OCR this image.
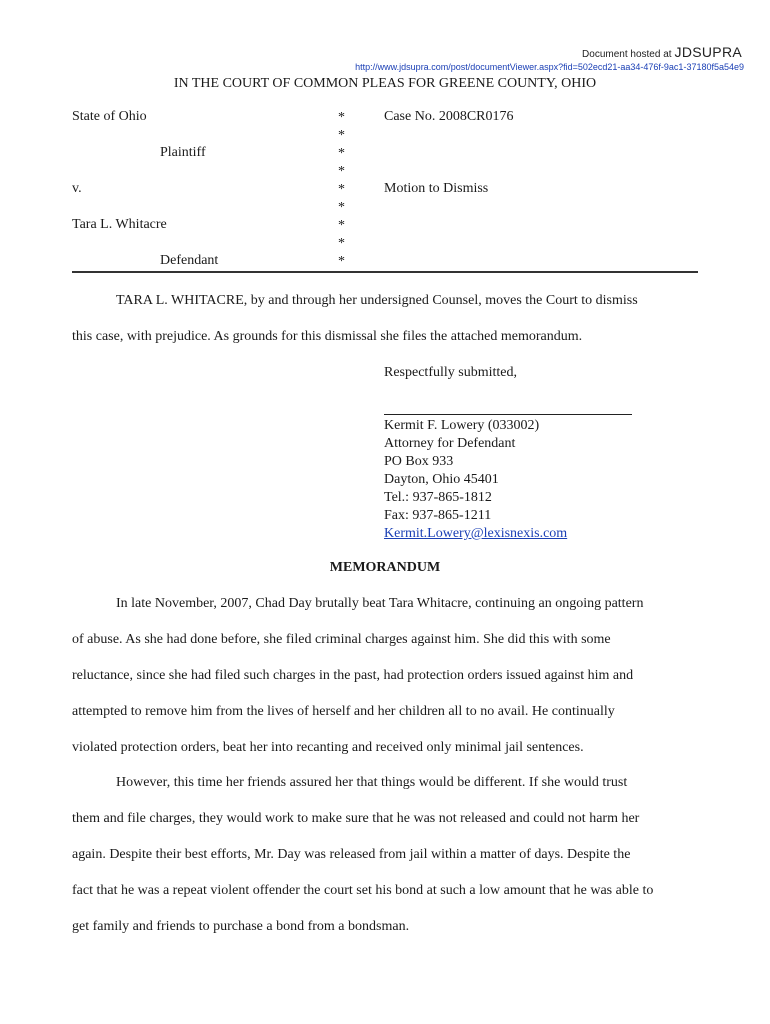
Document hosted at JDSUPRA
http://www.jdsupra.com/post/documentViewer.aspx?fid=502ecd21-aa34-476f-9ac1-37180f5a54e9
IN THE COURT OF COMMON PLEAS FOR GREENE COUNTY, OHIO
State of Ohio
Plaintiff
v.
Tara L. Whitacre
Defendant
*
*
*
*
*
*
*
*
*
Case No. 2008CR0176
Motion to Dismiss
TARA L. WHITACRE, by and through her undersigned Counsel, moves the Court to dismiss
this case, with prejudice. As grounds for this dismissal she files the attached memorandum.
Respectfully submitted,
Kermit F. Lowery (033002)
Attorney for Defendant
PO Box 933
Dayton, Ohio 45401
Tel.: 937-865-1812
Fax: 937-865-1211
Kermit.Lowery@lexisnexis.com
MEMORANDUM
In late November, 2007, Chad Day brutally beat Tara Whitacre, continuing an ongoing pattern
of abuse. As she had done before, she filed criminal charges against him. She did this with some
reluctance, since she had filed such charges in the past, had protection orders issued against him and
attempted to remove him from the lives of herself and her children all to no avail. He continually
violated protection orders, beat her into recanting and received only minimal jail sentences.
However, this time her friends assured her that things would be different. If she would trust
them and file charges, they would work to make sure that he was not released and could not harm her
again. Despite their best efforts, Mr. Day was released from jail within a matter of days. Despite the
fact that he was a repeat violent offender the court set his bond at such a low amount that he was able to
get family and friends to purchase a bond from a bondsman.
